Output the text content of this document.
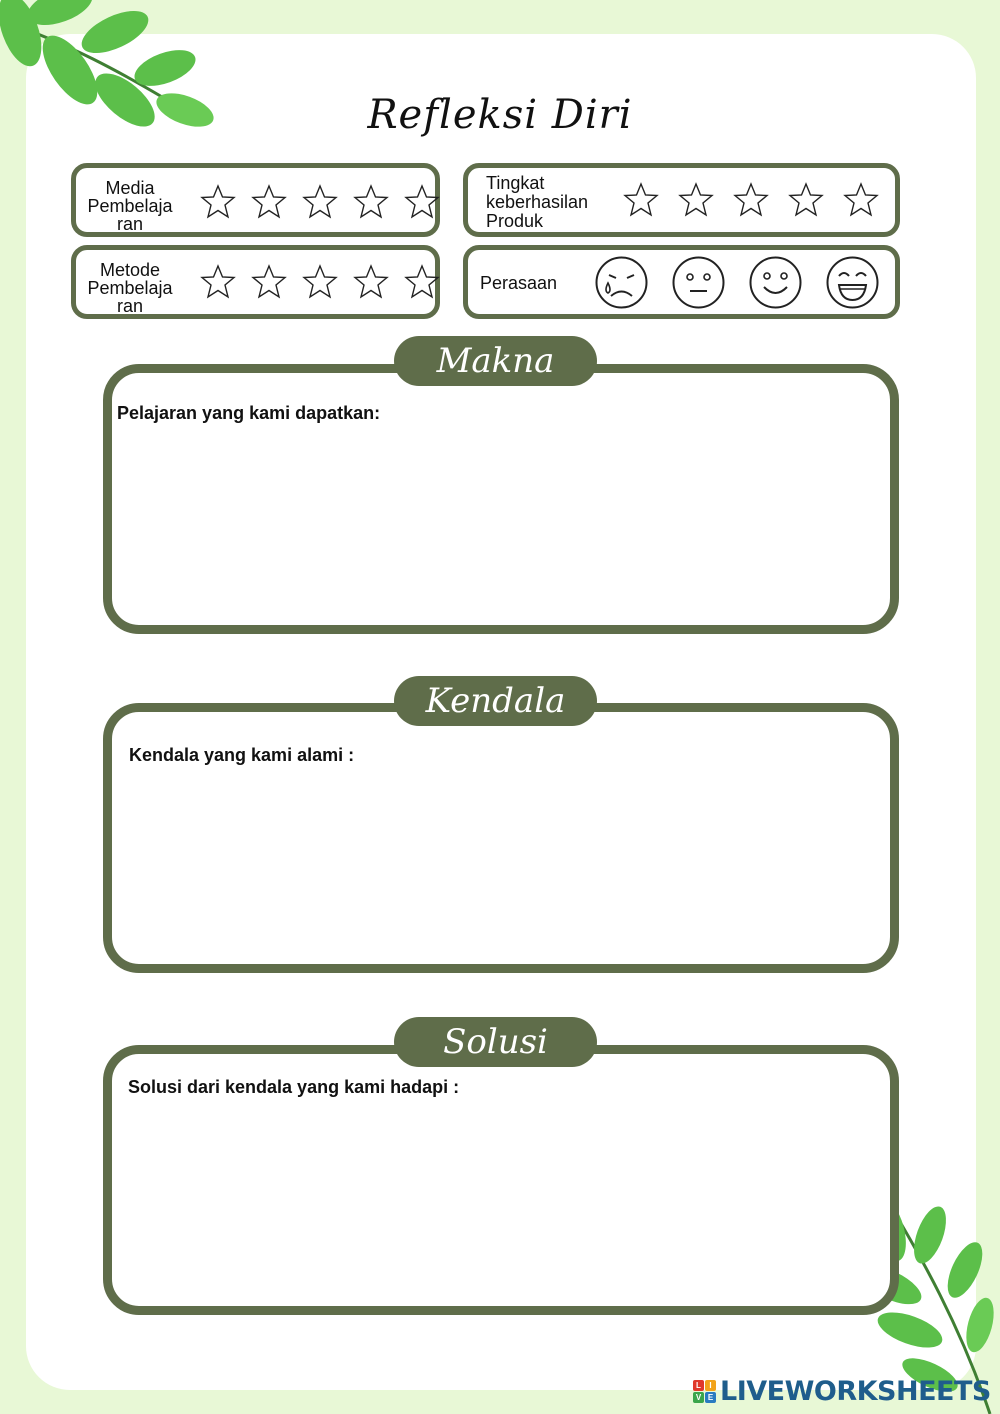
Refleksi Diri
Media
Pembelaja
ran
Metode
Pembelaja
ran
Tingkat
keberhasilan
Produk
Perasaan
Makna
Pelajaran yang kami dapatkan:
Kendala
Kendala yang kami alami :
Solusi
Solusi dari kendala yang kami hadapi :
L	I
V E LIVEWORKSHEETS
